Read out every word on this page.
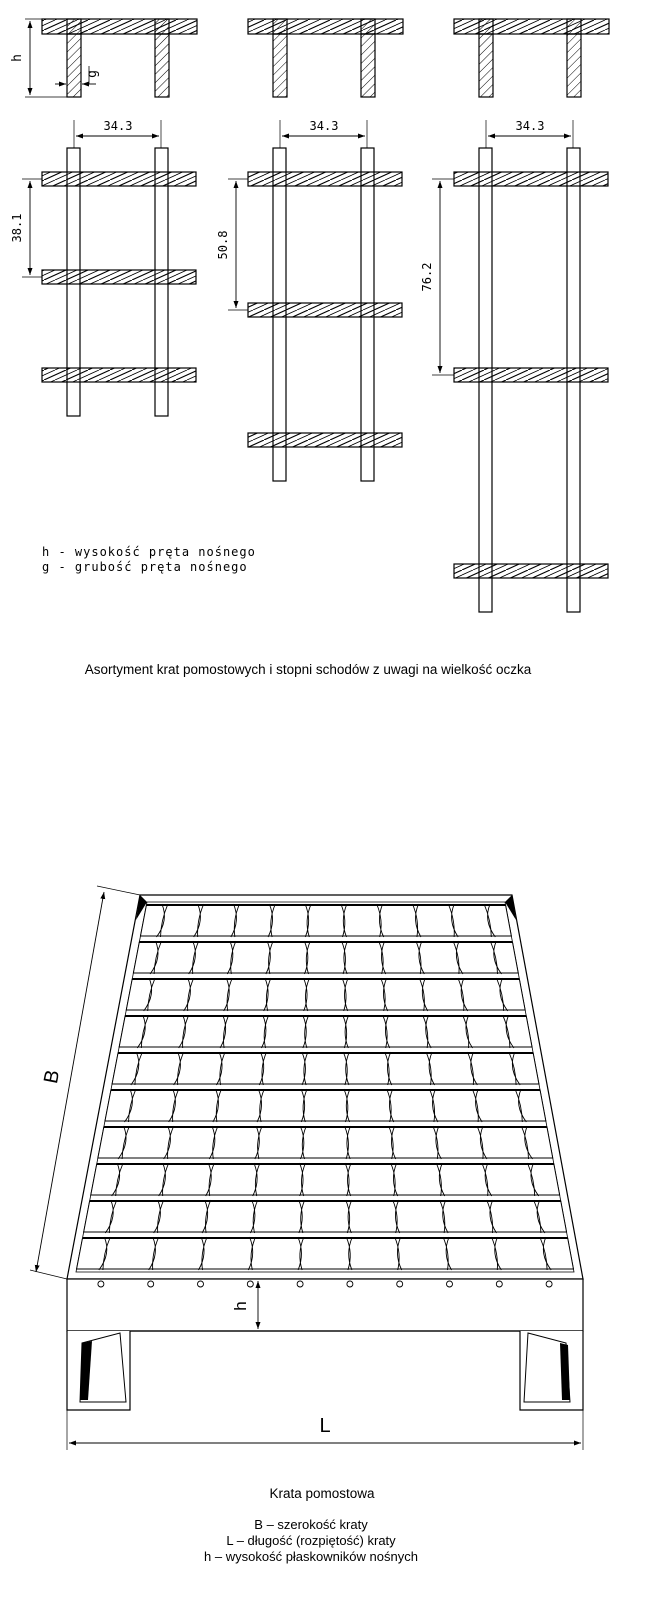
h
g
34.3	34.3	34.3
38.1
50.8
76.2
h - wysokość pręta nośnego
g - grubość pręta nośnego
Asortyment krat pomostowych i stopni schodów z uwagi na wielkość oczka
B
L
h
Krata pomostowa
B – szerokość kraty
L – długość (rozpiętość) kraty
h – wysokość płaskowników nośnych
